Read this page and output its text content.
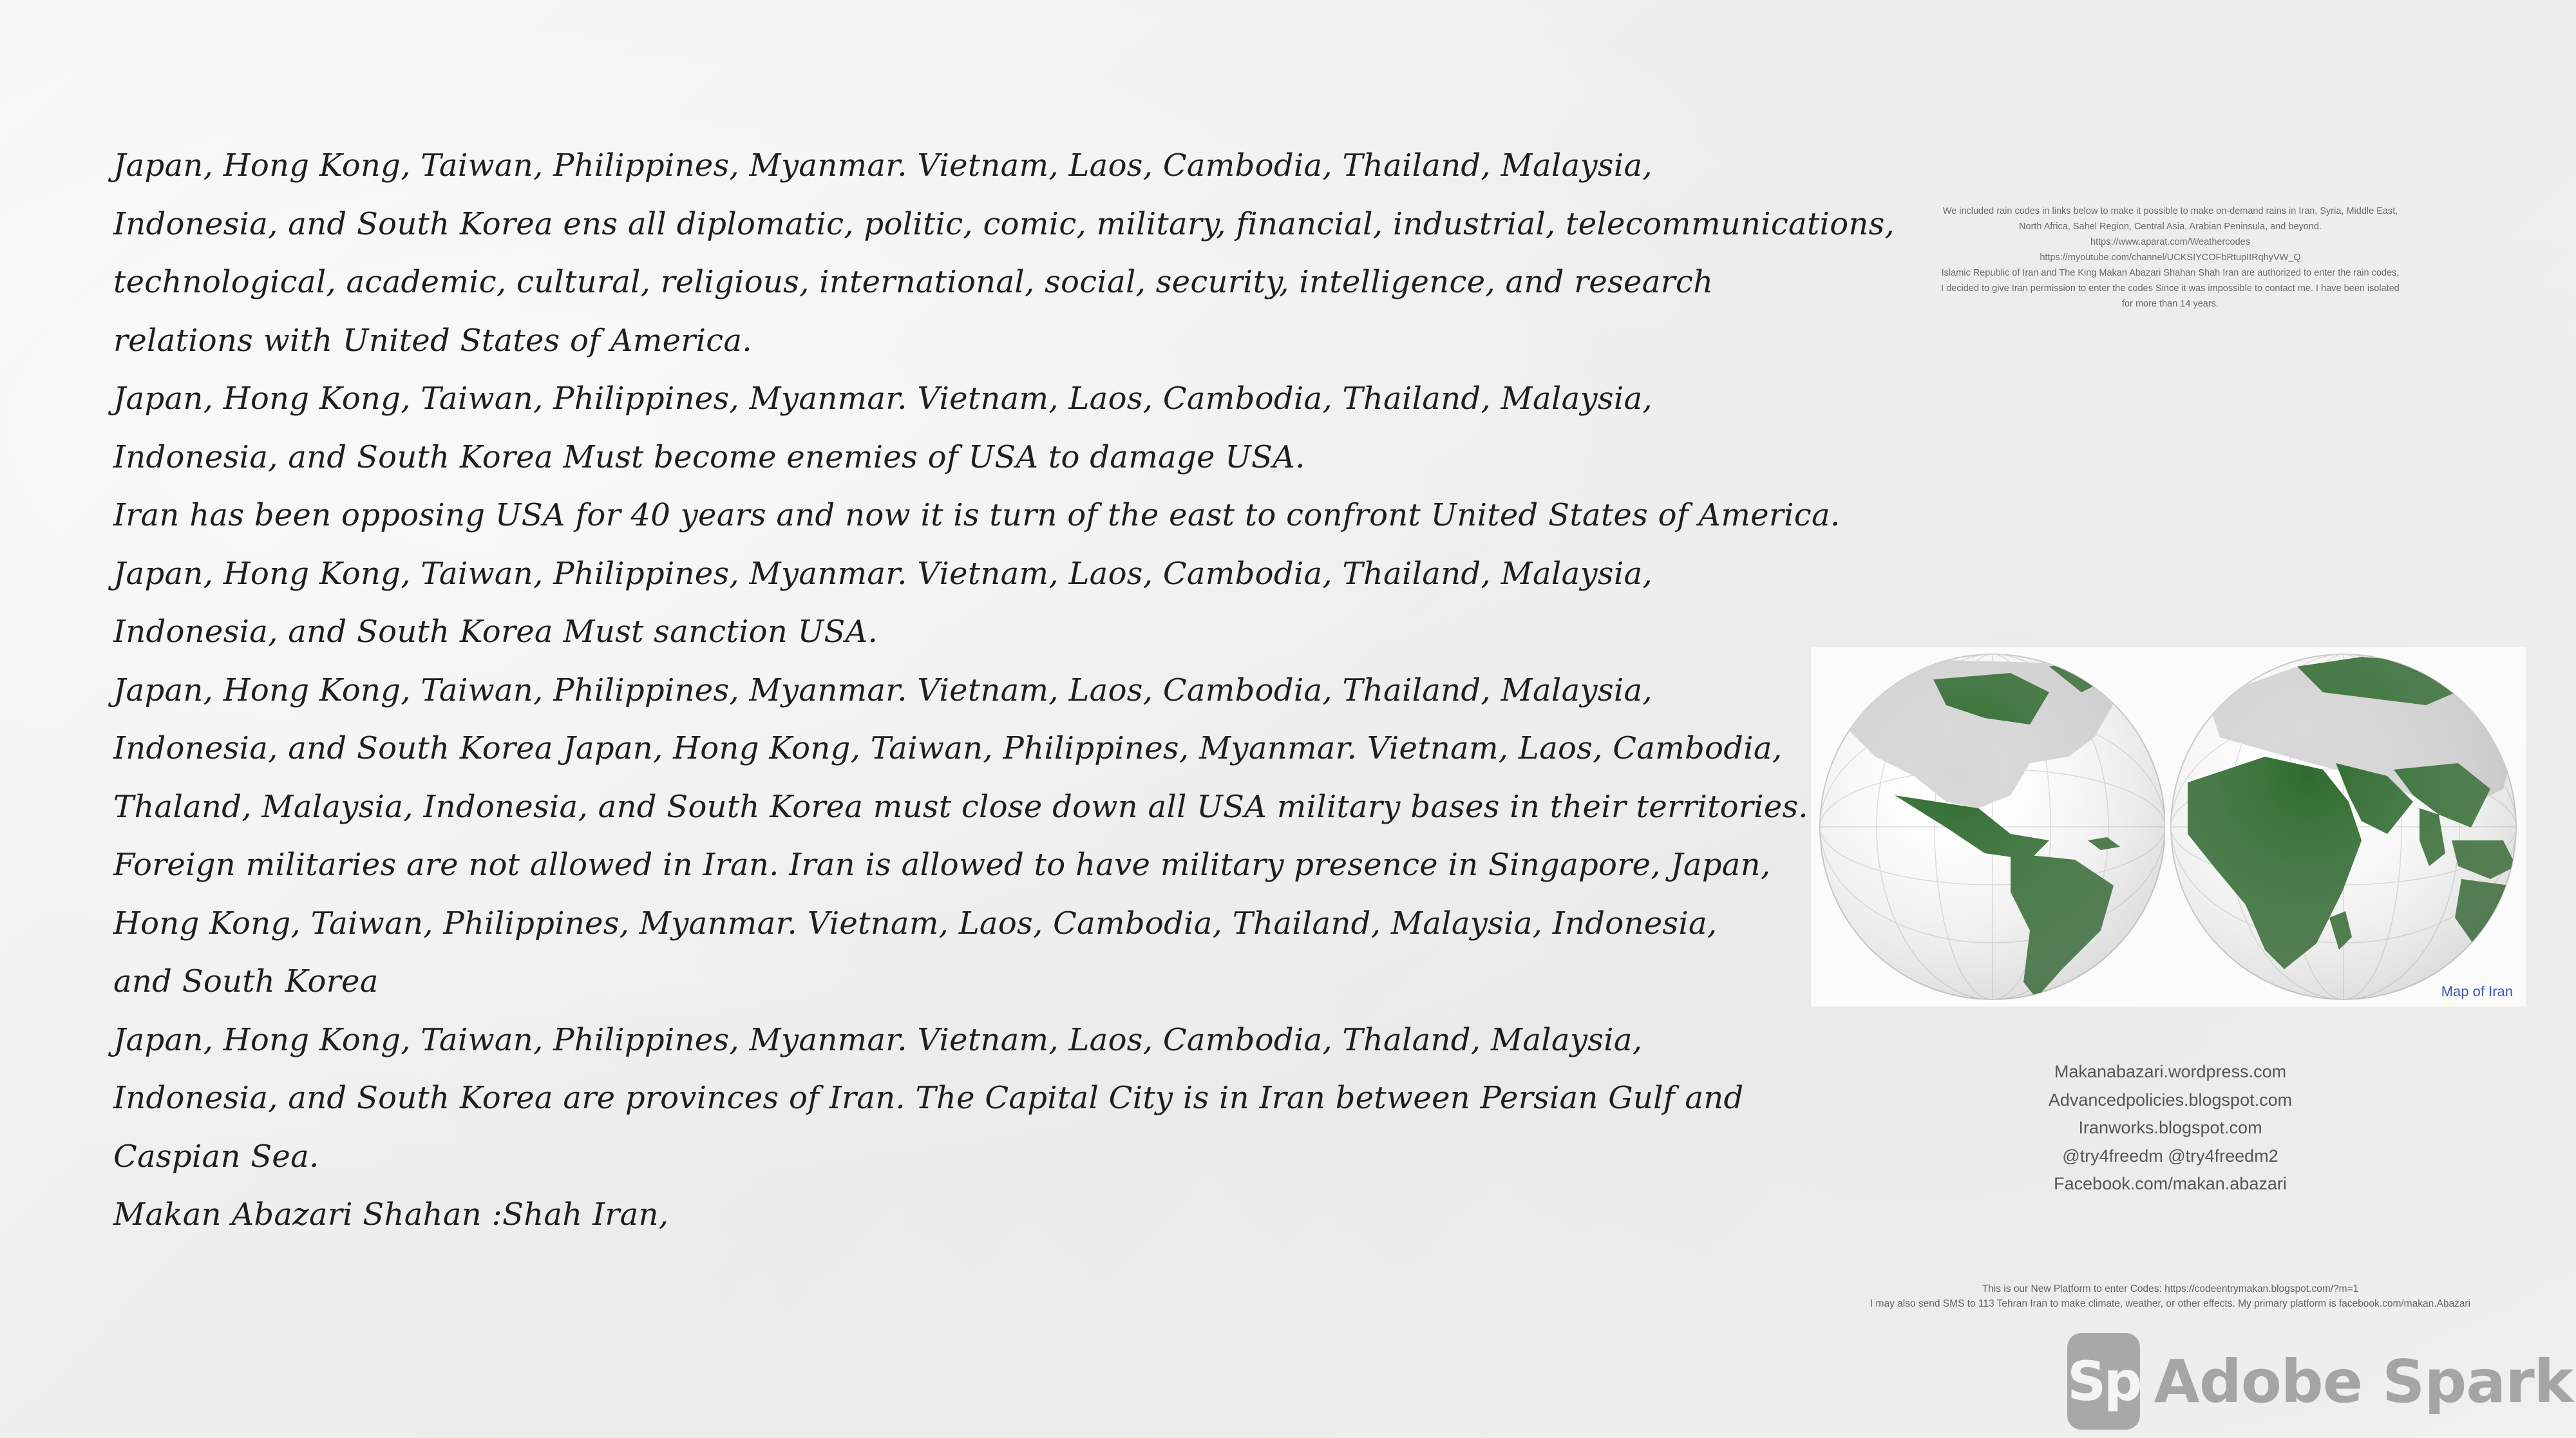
Japan, Hong Kong, Taiwan, Philippines, Myanmar. Vietnam, Laos, Cambodia, Thailand, Malaysia,
Indonesia, and South Korea ens all diplomatic, politic, comic, military, financial, industrial, telecommunications,
technological, academic, cultural, religious, international, social, security, intelligence, and research
relations with United States of America.
Japan, Hong Kong, Taiwan, Philippines, Myanmar. Vietnam, Laos, Cambodia, Thailand, Malaysia,
Indonesia, and South Korea Must become enemies of USA to damage USA.
Iran has been opposing USA for 40 years and now it is turn of the east to confront United States of America.
Japan, Hong Kong, Taiwan, Philippines, Myanmar. Vietnam, Laos, Cambodia, Thailand, Malaysia,
Indonesia, and South Korea Must sanction USA.
Japan, Hong Kong, Taiwan, Philippines, Myanmar. Vietnam, Laos, Cambodia, Thailand, Malaysia,
Indonesia, and South Korea Japan, Hong Kong, Taiwan, Philippines, Myanmar. Vietnam, Laos, Cambodia,
Thaland, Malaysia, Indonesia, and South Korea must close down all USA military bases in their territories.
Foreign militaries are not allowed in Iran. Iran is allowed to have military presence in Singapore, Japan,
Hong Kong, Taiwan, Philippines, Myanmar. Vietnam, Laos, Cambodia, Thailand, Malaysia, Indonesia,
and South Korea
Japan, Hong Kong, Taiwan, Philippines, Myanmar. Vietnam, Laos, Cambodia, Thaland, Malaysia,
Indonesia, and South Korea are provinces of Iran. The Capital City is in Iran between Persian Gulf and
Caspian Sea.
Makan Abazari Shahan :Shah Iran,
We included rain codes in links below to make it possible to make on-demand rains in Iran, Syria, Middle East,
North Africa, Sahel Region, Central Asia, Arabian Peninsula, and beyond.
https://www.aparat.com/Weathercodes
https://myoutube.com/channel/UCKSIYCOFbRtupIIRqhyVW_Q
Islamic Republic of Iran and The King Makan Abazari Shahan Shah Iran are authorized to enter the rain codes.
I decided to give Iran permission to enter the codes Since it was impossible to contact me. I have been isolated
for more than 14 years.
Map of Iran
Makanabazari.wordpress.com
Advancedpolicies.blogspot.com
Iranworks.blogspot.com
@try4freedm @try4freedm2
Facebook.com/makan.abazari
This is our New Platform to enter Codes: https://codeentrymakan.blogspot.com/?m=1
I may also send SMS to 113 Tehran Iran to make climate, weather, or other effects. My primary platform is facebook.com/makan.Abazari
Sp Adobe Spark
